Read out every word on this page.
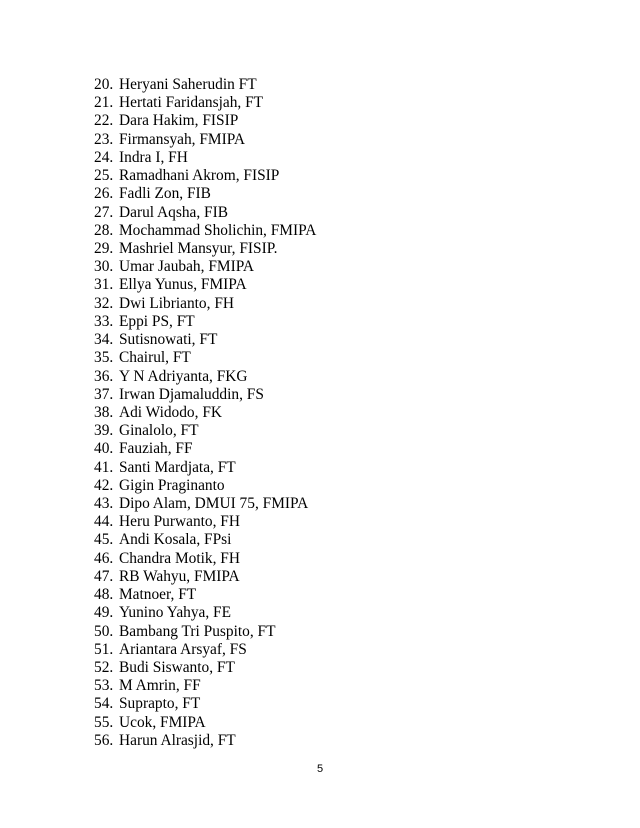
20. Heryani Saherudin FT
21. Hertati Faridansjah, FT
22. Dara Hakim, FISIP
23. Firmansyah, FMIPA
24. Indra I, FH
25. Ramadhani Akrom, FISIP
26. Fadli Zon, FIB
27. Darul Aqsha, FIB
28. Mochammad Sholichin, FMIPA
29. Mashriel Mansyur, FISIP.
30. Umar Jaubah, FMIPA
31. Ellya Yunus, FMIPA
32. Dwi Librianto, FH
33. Eppi PS, FT
34. Sutisnowati, FT
35. Chairul, FT
36. Y N Adriyanta, FKG
37. Irwan Djamaluddin, FS
38. Adi Widodo, FK
39. Ginalolo, FT
40. Fauziah, FF
41. Santi Mardjata, FT
42. Gigin Praginanto
43. Dipo Alam, DMUI 75, FMIPA
44. Heru Purwanto, FH
45. Andi Kosala, FPsi
46. Chandra Motik, FH
47. RB Wahyu, FMIPA
48. Matnoer, FT
49. Yunino Yahya, FE
50. Bambang Tri Puspito, FT
51. Ariantara Arsyaf, FS
52. Budi Siswanto, FT
53. M Amrin, FF
54. Suprapto, FT
55. Ucok, FMIPA
56. Harun Alrasjid, FT
5
